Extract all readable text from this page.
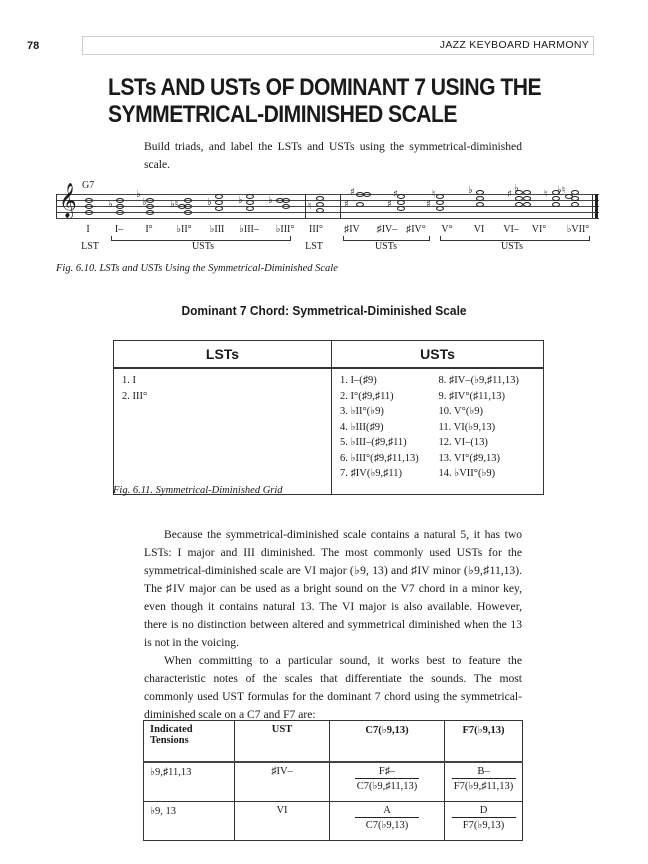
78	JAZZ KEYBOARD HARMONY
LSTs AND USTs OF DOMINANT 7 USING THE
SYMMETRICAL-DIMINISHED SCALE
Build triads, and label the LSTs and USTs using the symmetrical-diminished scale.
G7
𝄞	♭
♭
♭ ♭♮	♭	♭	♭
♮	♯
♯
♯
♯
♯
♮	♭	♯	♮
♭	♭♮
I	I– I° ♭II° ♭III ♭III– ♭III° III° ♯IV ♯IV– ♯IV° V° VI VI– VI° ♭VII°
LST	USTs	LST	USTs	USTs
Fig. 6.10. LSTs and USTs Using the Symmetrical-Diminished Scale
Dominant 7 Chord: Symmetrical-Diminished Scale
LSTs	USTs

1. I
2. III°

1. I–(♯9)
2. I°(♯9,♯11)
3. ♭II°(♭9)
4. ♭III(♯9)
5. ♭III–(♯9,♯11)
6. ♭III°(♯9,♯11,13)
7. ♯IV(♭9,♯11)
8. ♯IV–(♭9,♯11,13)
9. ♯IV°(♯11,13)
10. V°(♭9)
11. VI(♭9,13)
12. VI–(13)
13. VI°(♯9,13)
14. ♭VII°(♭9)
Fig. 6.11. Symmetrical-Diminished Grid

Because the symmetrical-diminished scale contains a natural 5, it has two LSTs: I major and III diminished. The most commonly used USTs for the symmetrical-diminished scale are VI major (♭9, 13) and ♯IV minor (♭9,♯11,13). The ♯IV major can be used as a bright sound on the V7 chord in a minor key, even though it contains natural 13. The VI major is also available. However, there is no distinction between altered and symmetrical diminished when the 13 is not in the voicing.

When committing to a particular sound, it works best to feature the characteristic notes of the scales that differentiate the sounds. The most commonly used UST formulas for the dominant 7 chord using the symmetrical-diminished scale on a C7 and F7 are:

Indicated Tensions	UST	C7(♭9,13)	F7(♭9,13)
♭9,♯11,13	♯IV–	$\frac{F♯-}{C7(♭9,♯11,13)}$	$\frac{B-}{F7(♭9,♯11,13)}$

♭9, 13	VI	$\frac{A}{C7(♭9,13)}$	$\frac{D}{F7(♭9,13)}$
